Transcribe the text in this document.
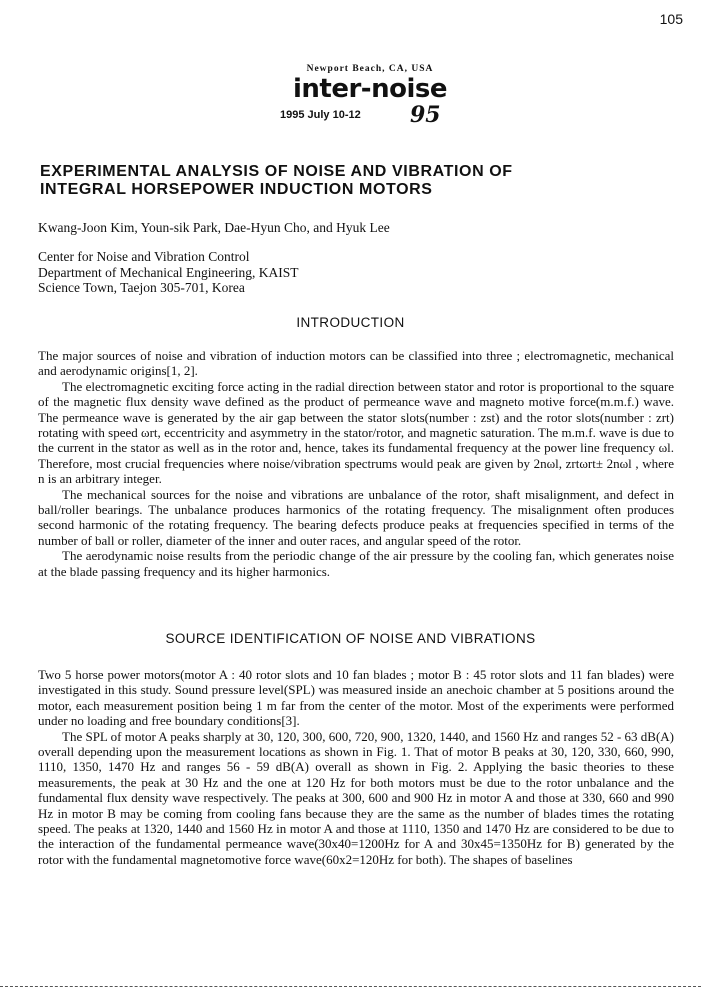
105
Newport Beach, CA, USA
inter-noise
1995 July 10-12 95
EXPERIMENTAL ANALYSIS OF NOISE AND VIBRATION OF
INTEGRAL HORSEPOWER INDUCTION MOTORS
Kwang-Joon Kim, Youn-sik Park, Dae-Hyun Cho, and Hyuk Lee
Center for Noise and Vibration Control
Department of Mechanical Engineering, KAIST
Science Town, Taejon 305-701, Korea
INTRODUCTION

The major sources of noise and vibration of induction motors can be classified into three ; electromagnetic, mechanical and aerodynamic origins[1, 2].

The electromagnetic exciting force acting in the radial direction between stator and rotor is proportional to the square of the magnetic flux density wave defined as the product of permeance wave and magneto motive force(m.m.f.) wave. The permeance wave is generated by the air gap between the stator slots(number : zst) and the rotor slots(number : zrt) rotating with speed ωrt, eccentricity and asymmetry in the stator/rotor, and magnetic saturation. The m.m.f. wave is due to the current in the stator as well as in the rotor and, hence, takes its fundamental frequency at the power line frequency ωl. Therefore, most crucial frequencies where noise/vibration spectrums would peak are given by 2nωl, zrtωrt± 2nωl , where n is an arbitrary integer.

The mechanical sources for the noise and vibrations are unbalance of the rotor, shaft misalignment, and defect in ball/roller bearings. The unbalance produces harmonics of the rotating frequency. The misalignment often produces second harmonic of the rotating frequency. The bearing defects produce peaks at frequencies specified in terms of the number of ball or roller, diameter of the inner and outer races, and angular speed of the rotor.

The aerodynamic noise results from the periodic change of the air pressure by the cooling fan, which generates noise at the blade passing frequency and its higher harmonics.

SOURCE IDENTIFICATION OF NOISE AND VIBRATIONS

Two 5 horse power motors(motor A : 40 rotor slots and 10 fan blades ; motor B : 45 rotor slots and 11 fan blades) were investigated in this study. Sound pressure level(SPL) was measured inside an anechoic chamber at 5 positions around the motor, each measurement position being 1 m far from the center of the motor. Most of the experiments were performed under no loading and free boundary conditions[3].

The SPL of motor A peaks sharply at 30, 120, 300, 600, 720, 900, 1320, 1440, and 1560 Hz and ranges 52 - 63 dB(A) overall depending upon the measurement locations as shown in Fig. 1. That of motor B peaks at 30, 120, 330, 660, 990, 1110, 1350, 1470 Hz and ranges 56 - 59 dB(A) overall as shown in Fig. 2. Applying the basic theories to these measurements, the peak at 30 Hz and the one at 120 Hz for both motors must be due to the rotor unbalance and the fundamental flux density wave respectively. The peaks at 300, 600 and 900 Hz in motor A and those at 330, 660 and 990 Hz in motor B may be coming from cooling fans because they are the same as the number of blades times the rotating speed. The peaks at 1320, 1440 and 1560 Hz in motor A and those at 1110, 1350 and 1470 Hz are considered to be due to the interaction of the fundamental permeance wave(30x40=1200Hz for A and 30x45=1350Hz for B) generated by the rotor with the fundamental magnetomotive force wave(60x2=120Hz for both). The shapes of baselines
